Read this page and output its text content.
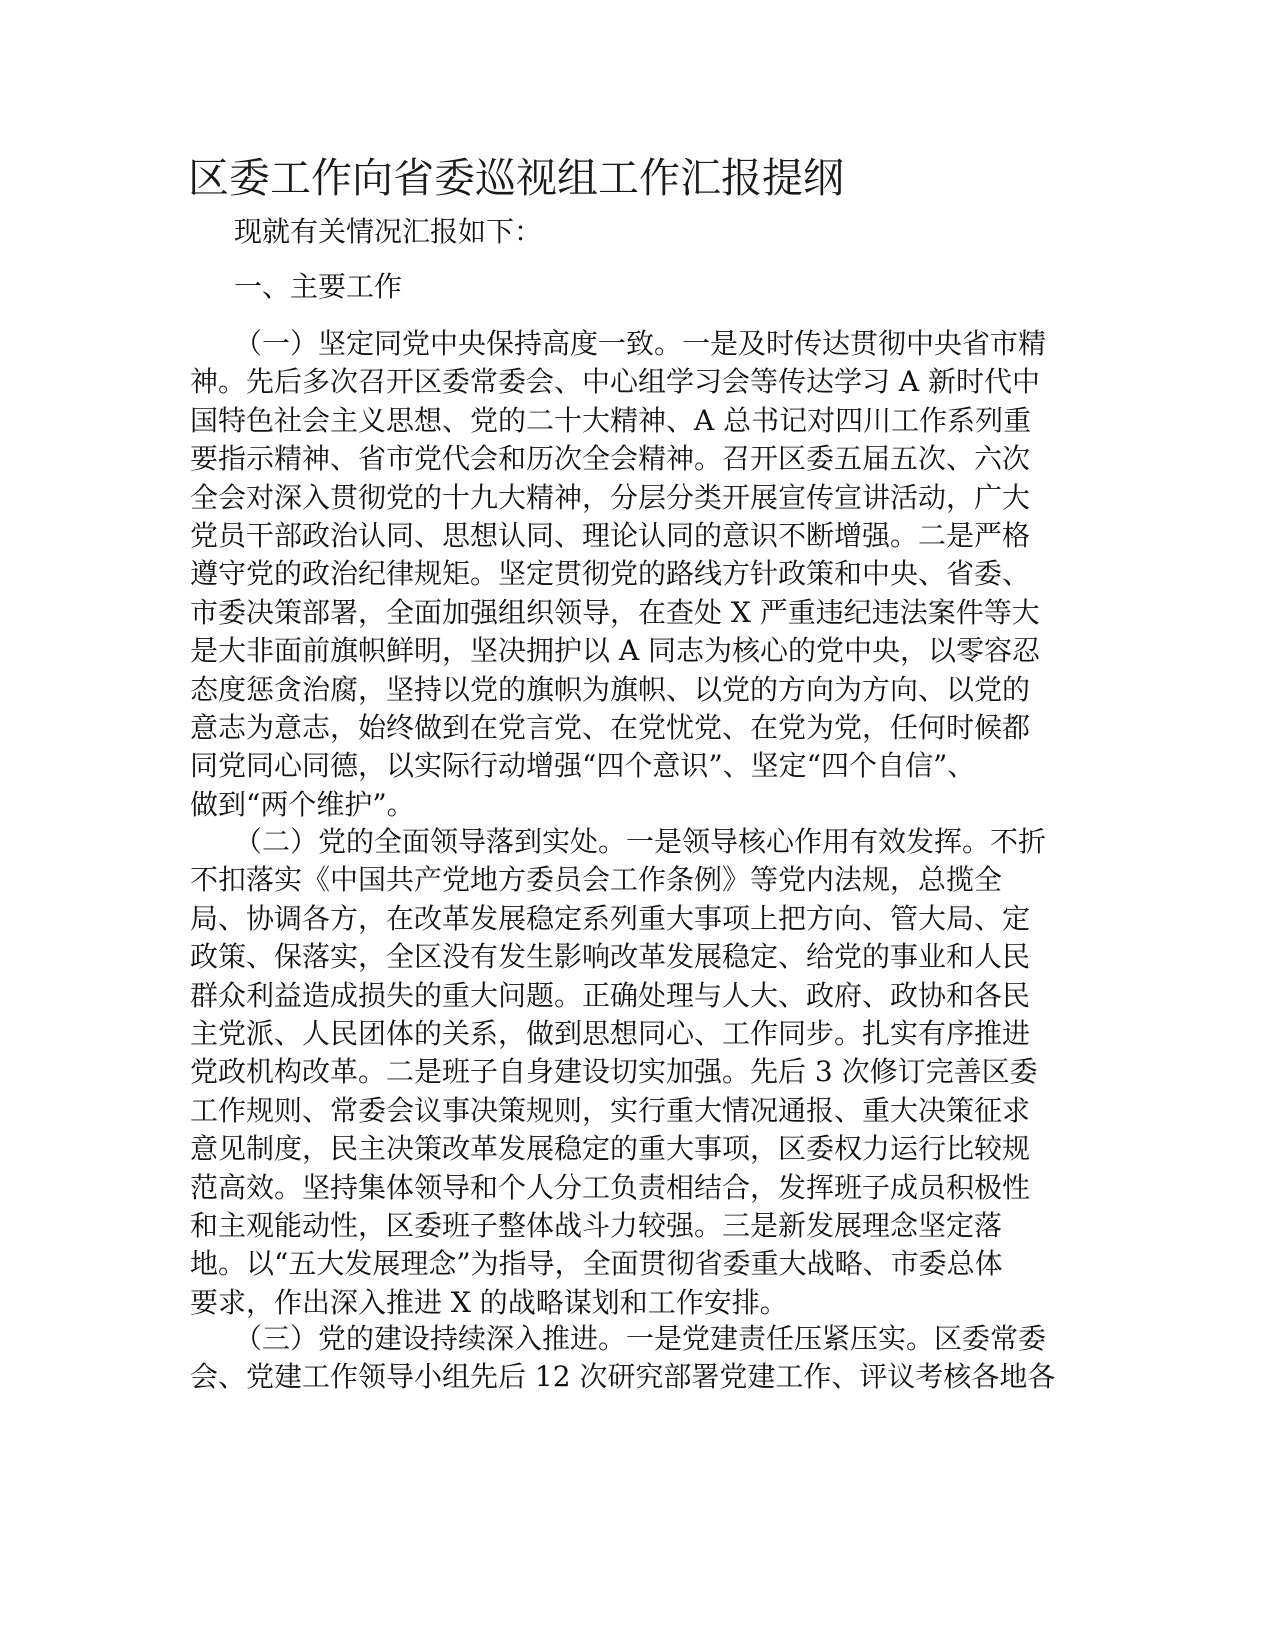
区委工作向省委巡视组工作汇报提纲
现就有关情况汇报如下：
一、主要工作
（一）坚定同党中央保持高度一致。一是及时传达贯彻中央省市精
神。先后多次召开区委常委会、中心组学习会等传达学习 A 新时代中
国特色社会主义思想、党的二十大精神、A 总书记对四川工作系列重
要指示精神、省市党代会和历次全会精神。召开区委五届五次、六次
全会对深入贯彻党的十九大精神，分层分类开展宣传宣讲活动，广大
党员干部政治认同、思想认同、理论认同的意识不断增强。二是严格
遵守党的政治纪律规矩。坚定贯彻党的路线方针政策和中央、省委、
市委决策部署，全面加强组织领导，在查处 X 严重违纪违法案件等大
是大非面前旗帜鲜明，坚决拥护以 A 同志为核心的党中央，以零容忍
态度惩贪治腐，坚持以党的旗帜为旗帜、以党的方向为方向、以党的
意志为意志，始终做到在党言党、在党忧党、在党为党，任何时候都
同党同心同德，以实际行动增强“四个意识”、坚定“四个自信”、
做到“两个维护”。
（二）党的全面领导落到实处。一是领导核心作用有效发挥。不折
不扣落实《中国共产党地方委员会工作条例》等党内法规，总揽全
局、协调各方，在改革发展稳定系列重大事项上把方向、管大局、定
政策、保落实，全区没有发生影响改革发展稳定、给党的事业和人民
群众利益造成损失的重大问题。正确处理与人大、政府、政协和各民
主党派、人民团体的关系，做到思想同心、工作同步。扎实有序推进
党政机构改革。二是班子自身建设切实加强。先后 3 次修订完善区委
工作规则、常委会议事决策规则，实行重大情况通报、重大决策征求
意见制度，民主决策改革发展稳定的重大事项，区委权力运行比较规
范高效。坚持集体领导和个人分工负责相结合，发挥班子成员积极性
和主观能动性，区委班子整体战斗力较强。三是新发展理念坚定落
地。以“五大发展理念”为指导，全面贯彻省委重大战略、市委总体
要求，作出深入推进 X 的战略谋划和工作安排。
（三）党的建设持续深入推进。一是党建责任压紧压实。区委常委
会、党建工作领导小组先后 12 次研究部署党建工作、评议考核各地各
